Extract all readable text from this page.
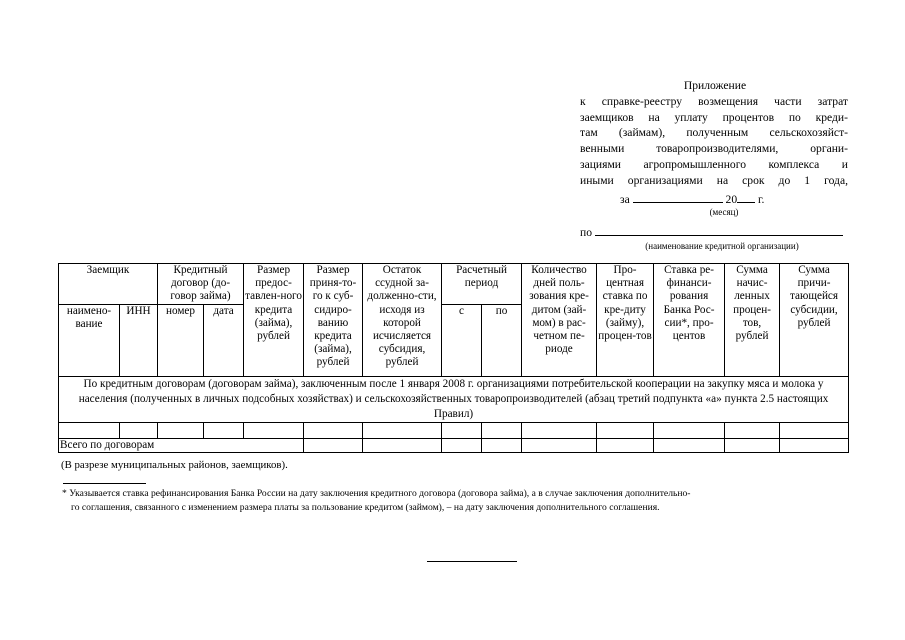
Приложение
к справке-реестру возмещения части затрат
заемщиков на уплату процентов по креди-
там (займам), полученным сельскохозяйст-
венными товаропроизводителями, органи-
зациями агропромышленного комплекса и
иными организациями на срок до 1 года,
за	20 г.
(месяц)
по
(наименование кредитной организации)
Заемщик		Кредитный договор (до-говор займа)		Размер предос-тавлен-ного кредита (займа), рублей	Размер приня-то-го к суб-сидиро-ванию кредита (займа), рублей	Остаток ссудной за-долженно-сти, исходя из которой исчисляется субсидия, рублей	Расчетный период		Количество дней поль-зования кре-дитом (зай-мом) в рас-четном пе-риоде	Про-центная ставка по кре-диту (займу), процен-тов	Ставка ре-финанси-рования Банка Рос-сии*, про-центов	Сумма начис-ленных процен-тов, рублей	Сумма причи-тающейся субсидии, рублей
наимено-вание	ИНН	номер	дата				с	по					
По кредитным договорам (договорам займа), заключенным после 1 января 2008 г. организациями потребительской кооперации на закупку мяса и молока у населения (полученных в личных подсобных хозяйствах) и сельскохозяйственных товаропроизводителей (абзац третий подпункта «а» пункта 2.5 настоящих Правил)													

Всего по договорам													
(В разрезе муниципальных районов, заемщиков).
* Указывается ставка рефинансирования Банка России на дату заключения кредитного договора (договора займа), а в случае заключения дополнительно-
го соглашения, связанного с изменением размера платы за пользование кредитом (займом), – на дату заключения дополнительного соглашения.
